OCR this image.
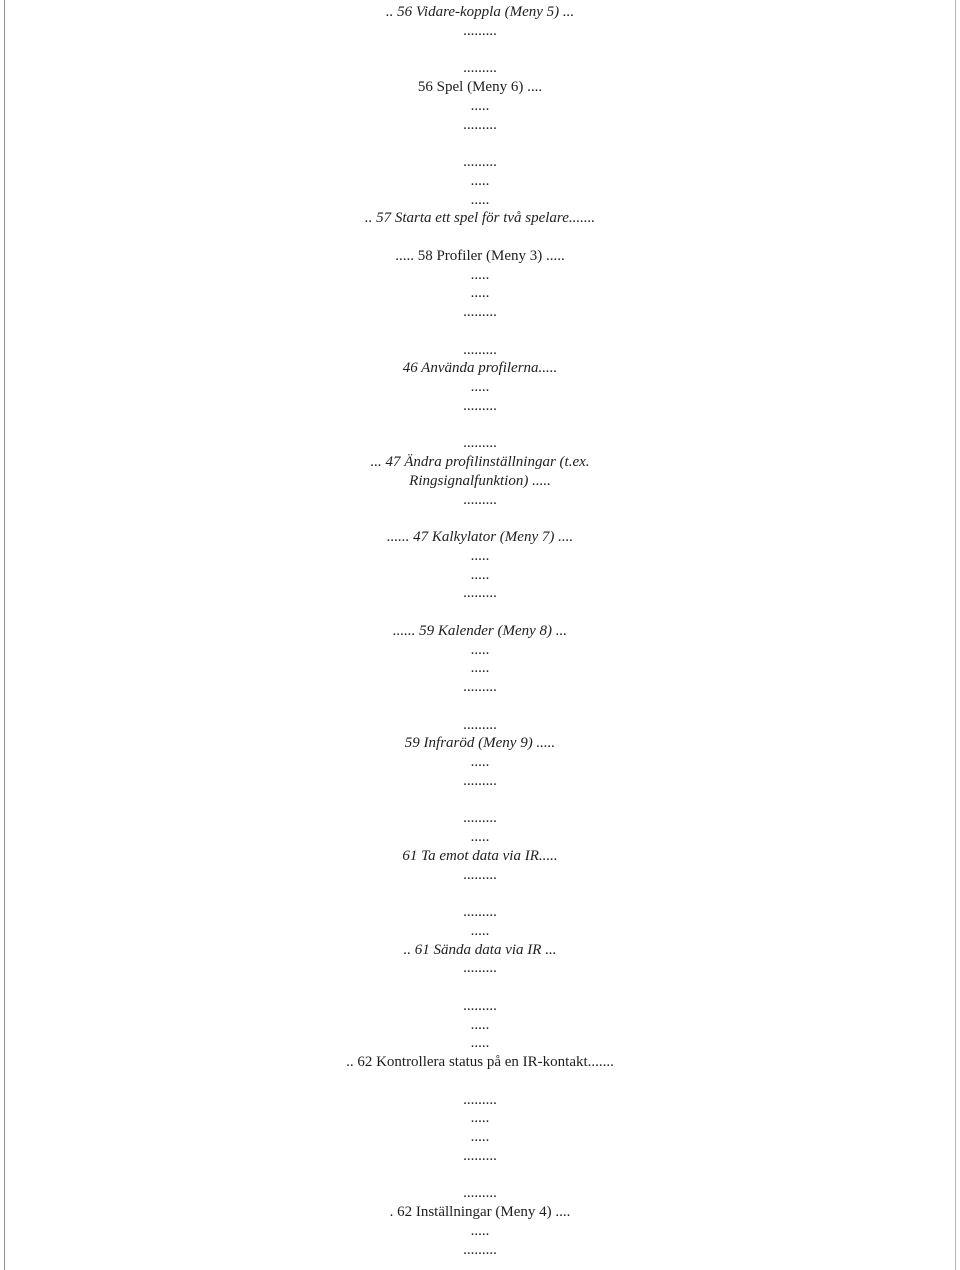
.. 56 Vidare-koppla (Meny 5) ...
.........
.........
56 Spel (Meny 6) ....
.....
.........
.........
.....
.....
.. 57 Starta ett spel för två spelare.......
..... 58 Profiler (Meny 3) .....
.....
.....
.........
.........
46 Använda profilerna.....
.....
.........
.........
... 47 Ändra profilinställningar (t.ex.
Ringsignalfunktion) .....
.........
...... 47 Kalkylator (Meny 7) ....
.....
.....
.........
...... 59 Kalender (Meny 8) ...
.....
.....
.........
.........
59 Infraröd (Meny 9) .....
.....
.........
.........
.....
61 Ta emot data via IR.....
.........
.........
.....
.. 61 Sända data via IR ...
.........
.........
.....
.....
.. 62 Kontrollera status på en IR-kontakt.......
.........
.....
.....
.........
.........
. 62 Inställningar (Meny 4) ....
.....
.........
